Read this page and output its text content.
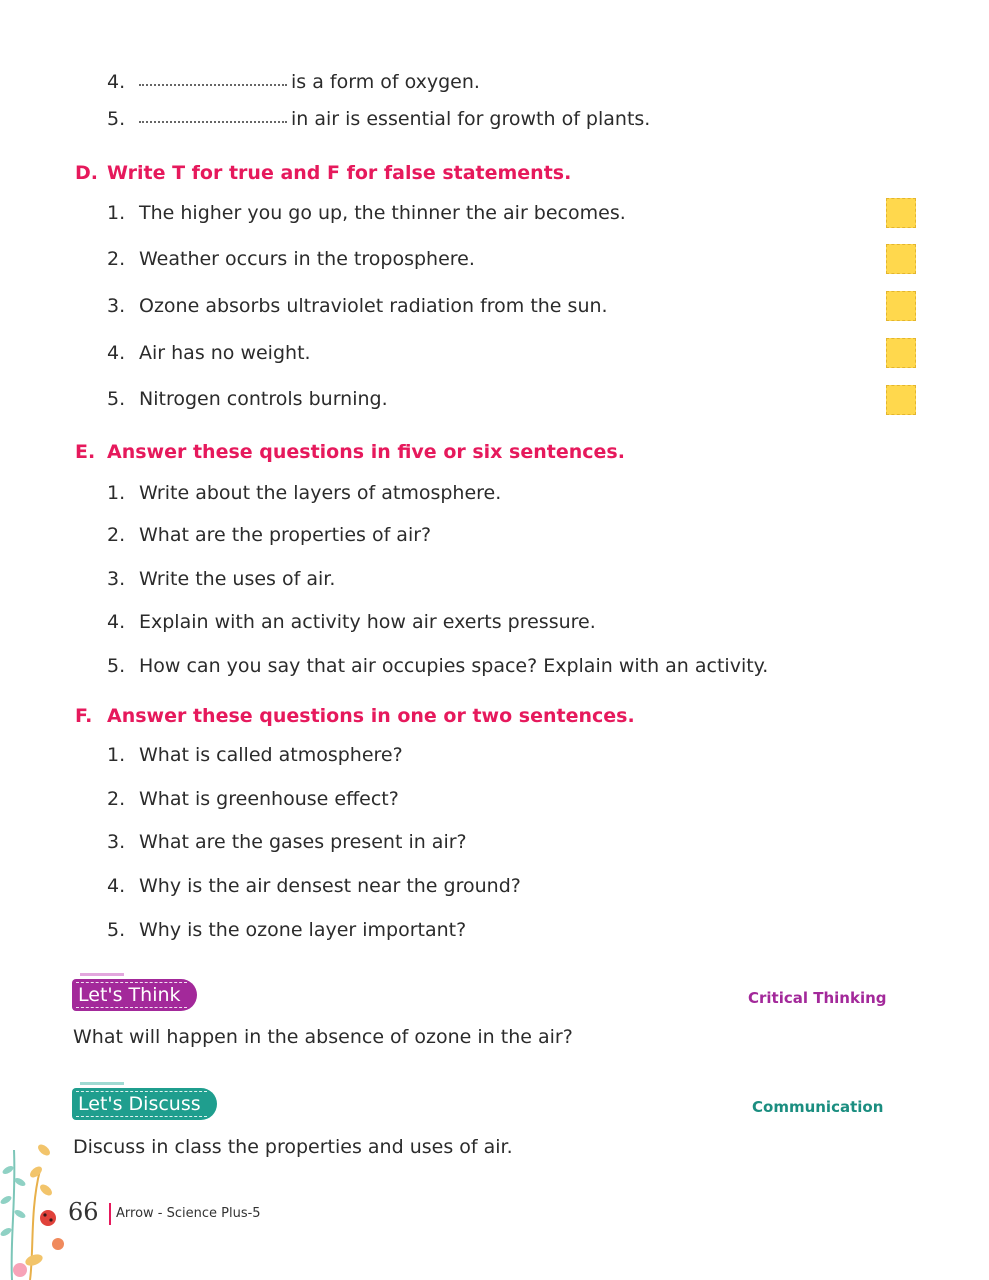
4.	is a form of oxygen.
5.	in air is essential for growth of plants.
D. Write T for true and F for false statements.
1. The higher you go up, the thinner the air becomes.
2. Weather occurs in the troposphere.
3. Ozone absorbs ultraviolet radiation from the sun.
4. Air has no weight.
5. Nitrogen controls burning.
E. Answer these questions in five or six sentences.
1. Write about the layers of atmosphere.
2. What are the properties of air?
3. Write the uses of air.
4. Explain with an activity how air exerts pressure.
5. How can you say that air occupies space? Explain with an activity.
F. Answer these questions in one or two sentences.
1. What is called atmosphere?
2. What is greenhouse effect?
3. What are the gases present in air?
4. Why is the air densest near the ground?
5. Why is the ozone layer important?
Let's Think	Critical Thinking
What will happen in the absence of ozone in the air?
Let's Discuss	Communication
Discuss in class the properties and uses of air.
66 Arrow - Science Plus-5
